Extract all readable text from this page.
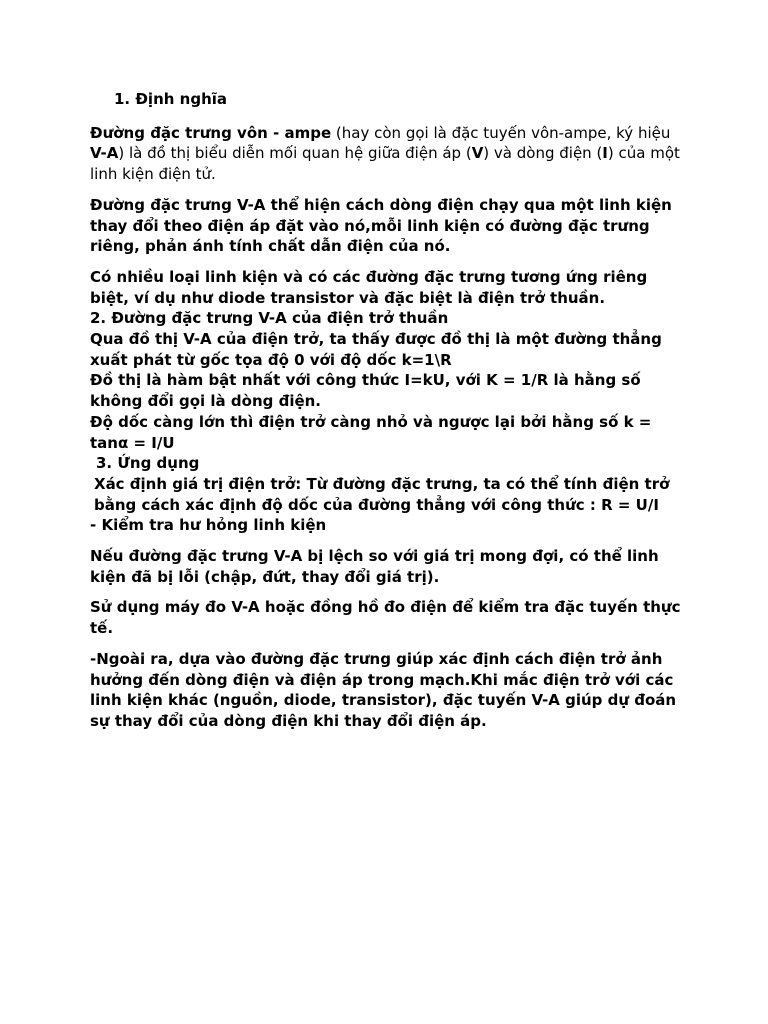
1. Định nghĩa
Đường đặc trưng vôn - ampe (hay còn gọi là đặc tuyến vôn-ampe, ký hiệu V-A) là đồ thị biểu diễn mối quan hệ giữa điện áp (V) và dòng điện (I) của một linh kiện điện tử.
Đường đặc trưng V-A thể hiện cách dòng điện chạy qua một linh kiện thay đổi theo điện áp đặt vào nó,mỗi linh kiện có đường đặc trưng riêng, phản ánh tính chất dẫn điện của nó.
Có nhiều loại linh kiện và có các đường đặc trưng tương ứng riêng biệt, ví dụ như diode transistor và đặc biệt là điện trở thuần.
2. Đường đặc trưng V-A của điện trở thuần
Qua đồ thị V-A của điện trở, ta thấy được đồ thị là một đường thẳng xuất phát từ gốc tọa độ 0 với độ dốc k=1\R
Đồ thị là hàm bật nhất với công thức I=kU, với K = 1/R là hằng số không đổi gọi là dòng điện.
Độ dốc càng lớn thì điện trở càng nhỏ và ngược lại bởi hằng số k = tanα = I/U
3. Ứng dụng
Xác định giá trị điện trở: Từ đường đặc trưng, ta có thể tính điện trở bằng cách xác định độ dốc của đường thẳng với công thức : R = U/I
- Kiểm tra hư hỏng linh kiện
Nếu đường đặc trưng V-A bị lệch so với giá trị mong đợi, có thể linh kiện đã bị lỗi (chập, đứt, thay đổi giá trị).
Sử dụng máy đo V-A hoặc đồng hồ đo điện để kiểm tra đặc tuyến thực tế.
-Ngoài ra, dựa vào đường đặc trưng giúp xác định cách điện trở ảnh hưởng đến dòng điện và điện áp trong mạch.Khi mắc điện trở với các linh kiện khác (nguồn, diode, transistor), đặc tuyến V-A giúp dự đoán sự thay đổi của dòng điện khi thay đổi điện áp.
